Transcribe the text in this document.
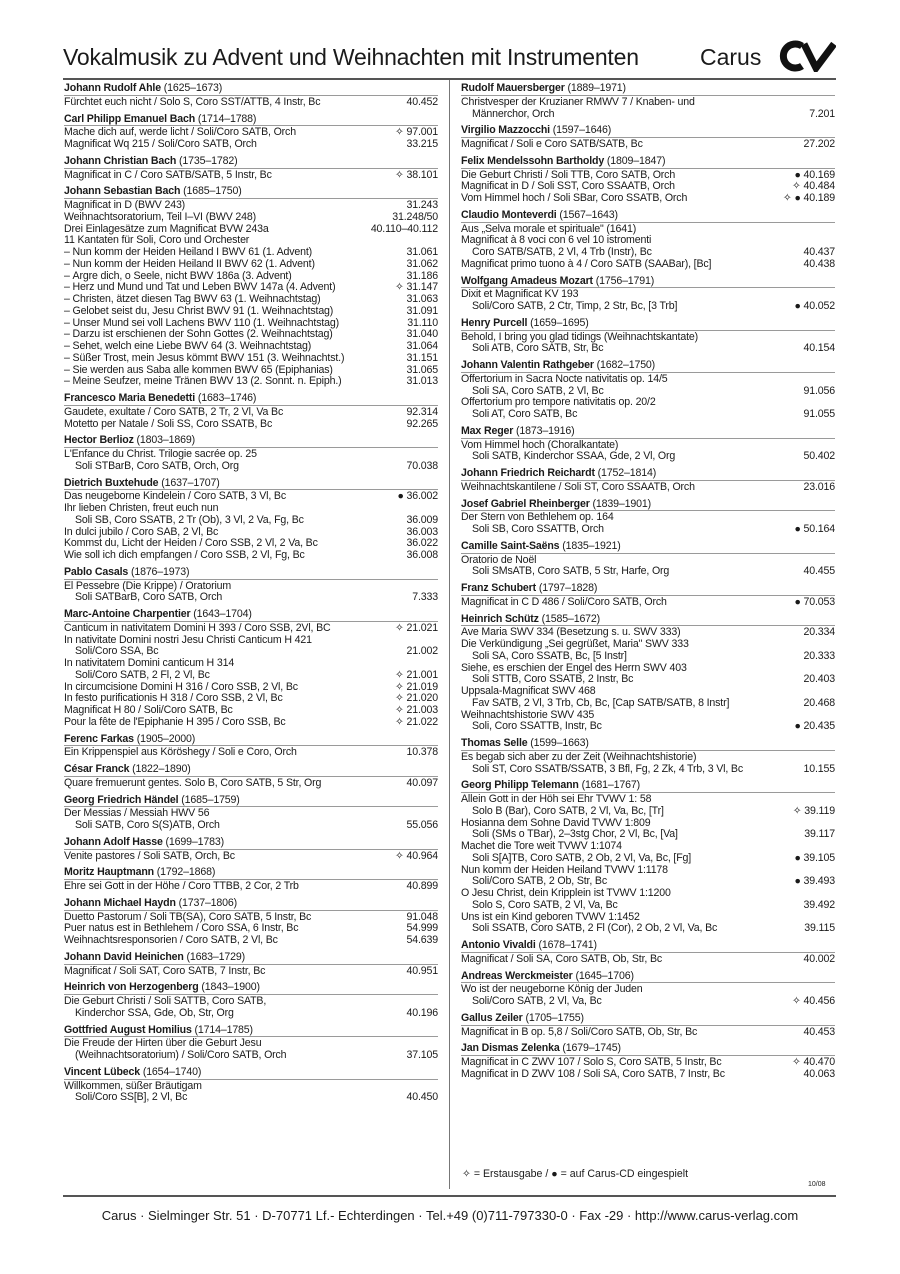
Vokalmusik zu Advent und Weihnachten mit Instrumenten	Carus
Johann Rudolf Ahle (1625–1673)
Fürchtet euch nicht / Solo S, Coro SST/ATTB, 4 Instr, Bc	40.452
Carl Philipp Emanuel Bach (1714–1788)
Mache dich auf, werde licht / Soli/Coro SATB, Orch	✧ 97.001
Magnificat Wq 215 / Soli/Coro SATB, Orch	33.215
Johann Christian Bach (1735–1782)
Magnificat in C / Coro SATB/SATB, 5 Instr, Bc	✧ 38.101
Johann Sebastian Bach (1685–1750)
Magnificat in D (BWV 243)	31.243
Weihnachtsoratorium, Teil I–VI (BWV 248)	31.248/50
Drei Einlagesätze zum Magnificat BVW 243a	40.110–40.112
11 Kantaten für Soli, Coro und Orchester
– Nun komm der Heiden Heiland I BWV 61 (1. Advent)	31.061
– Nun komm der Heiden Heiland II BWV 62 (1. Advent)	31.062
– Ärgre dich, o Seele, nicht BWV 186a (3. Advent)	31.186
– Herz und Mund und Tat und Leben BWV 147a (4. Advent)	✧ 31.147
– Christen, ätzet diesen Tag BWV 63 (1. Weihnachtstag)	31.063
– Gelobet seist du, Jesu Christ BWV 91 (1. Weihnachtstag)	31.091
– Unser Mund sei voll Lachens BWV 110 (1. Weihnachtstag)	31.110
– Darzu ist erschienen der Sohn Gottes (2. Weihnachtstag)	31.040
– Sehet, welch eine Liebe BWV 64 (3. Weihnachtstag)	31.064
– Süßer Trost, mein Jesus kömmt BWV 151 (3. Weihnachtst.)	31.151
– Sie werden aus Saba alle kommen BWV 65 (Epiphanias)	31.065
– Meine Seufzer, meine Tränen BWV 13 (2. Sonnt. n. Epiph.)	31.013
Francesco Maria Benedetti (1683–1746)
Gaudete, exultate / Coro SATB, 2 Tr, 2 Vl, Va Bc	92.314
Motetto per Natale / Soli SS, Coro SSATB, Bc	92.265
Hector Berlioz (1803–1869)
L'Enfance du Christ. Trilogie sacrée op. 25
Soli STBarB, Coro SATB, Orch, Org	70.038
Dietrich Buxtehude (1637–1707)
Das neugeborne Kindelein / Coro SATB, 3 Vl, Bc	● 36.002
Ihr lieben Christen, freut euch nun
Soli SB, Coro SSATB, 2 Tr (Ob), 3 Vl, 2 Va, Fg, Bc	36.009
In dulci jubilo / Coro SAB, 2 Vl, Bc	36.003
Kommst du, Licht der Heiden / Coro SSB, 2 Vl, 2 Va, Bc	36.022
Wie soll ich dich empfangen / Coro SSB, 2 Vl, Fg, Bc	36.008
Pablo Casals (1876–1973)
El Pessebre (Die Krippe) / Oratorium
Soli SATBarB, Coro SATB, Orch	7.333
Marc-Antoine Charpentier (1643–1704)
Canticum in nativitatem Domini H 393 / Coro SSB, 2Vl, BC	✧ 21.021
In nativitate Domini nostri Jesu Christi Canticum H 421
Soli/Coro SSA, Bc	21.002
In nativitatem Domini canticum H 314
Soli/Coro SATB, 2 Fl, 2 Vl, Bc	✧ 21.001
In circumcisione Domini H 316 / Coro SSB, 2 Vl, Bc	✧ 21.019
In festo purificationis H 318 / Coro SSB, 2 Vl, Bc	✧ 21.020
Magnificat H 80 / Soli/Coro SATB, Bc	✧ 21.003
Pour la fête de l'Épiphanie H 395 / Coro SSB, Bc	✧ 21.022
Ferenc Farkas (1905–2000)
Ein Krippenspiel aus Köröshegy / Soli e Coro, Orch	10.378
César Franck (1822–1890)
Quare fremuerunt gentes. Solo B, Coro SATB, 5 Str, Org	40.097
Georg Friedrich Händel (1685–1759)
Der Messias / Messiah HWV 56
Soli SATB, Coro S(S)ATB, Orch	55.056
Johann Adolf Hasse (1699–1783)
Venite pastores / Soli SATB, Orch, Bc	✧ 40.964
Moritz Hauptmann (1792–1868)
Ehre sei Gott in der Höhe / Coro TTBB, 2 Cor, 2 Trb	40.899
Johann Michael Haydn (1737–1806)
Duetto Pastorum / Soli TB(SA), Coro SATB, 5 Instr, Bc	91.048
Puer natus est in Bethlehem / Coro SSA, 6 Instr, Bc	54.999
Weihnachtsresponsorien / Coro SATB, 2 Vl, Bc	54.639
Johann David Heinichen (1683–1729)
Magnificat / Soli SAT, Coro SATB, 7 Instr, Bc	40.951
Heinrich von Herzogenberg (1843–1900)
Die Geburt Christi / Soli SATTB, Coro SATB,
Kinderchor SSA, Gde, Ob, Str, Org	40.196
Gottfried August Homilius (1714–1785)
Die Freude der Hirten über die Geburt Jesu
(Weihnachtsoratorium) / Soli/Coro SATB, Orch	37.105
Vincent Lübeck (1654–1740)
Willkommen, süßer Bräutigam
Soli/Coro SS[B], 2 Vl, Bc	40.450
Rudolf Mauersberger (1889–1971)
Christvesper der Kruzianer RMWV 7 / Knaben- und
Männerchor, Orch	7.201
Virgilio Mazzocchi (1597–1646)
Magnificat / Soli e Coro SATB/SATB, Bc	27.202
Felix Mendelssohn Bartholdy (1809–1847)
Die Geburt Christi / Soli TTB, Coro SATB, Orch	● 40.169
Magnificat in D / Soli SST, Coro SSAATB, Orch	✧ 40.484
Vom Himmel hoch / Soli SBar, Coro SSATB, Orch	✧ ● 40.189
Claudio Monteverdi (1567–1643)
Aus „Selva morale et spirituale" (1641)
Magnificat à 8 voci con 6 vel 10 istromenti
Coro SATB/SATB, 2 Vl, 4 Trb (Instr), Bc	40.437
Magnificat primo tuono à 4 / Coro SATB (SAABar), [Bc]	40.438
Wolfgang Amadeus Mozart (1756–1791)
Dixit et Magnificat KV 193
Soli/Coro SATB, 2 Ctr, Timp, 2 Str, Bc, [3 Trb]	● 40.052
Henry Purcell (1659–1695)
Behold, I bring you glad tidings (Weihnachtskantate)
Soli ATB, Coro SATB, Str, Bc	40.154
Johann Valentin Rathgeber (1682–1750)
Offertorium in Sacra Nocte nativitatis op. 14/5
Soli SA, Coro SATB, 2 Vl, Bc	91.056
Offertorium pro tempore nativitatis op. 20/2
Soli AT, Coro SATB, Bc	91.055
Max Reger (1873–1916)
Vom Himmel hoch (Choralkantate)
Soli SATB, Kinderchor SSAA, Gde, 2 Vl, Org	50.402
Johann Friedrich Reichardt (1752–1814)
Weihnachtskantilene / Soli ST, Coro SSAATB, Orch	23.016
Josef Gabriel Rheinberger (1839–1901)
Der Stern von Bethlehem op. 164
Soli SB, Coro SSATTB, Orch	● 50.164
Camille Saint-Saëns (1835–1921)
Oratorio de Noël
Soli SMsATB, Coro SATB, 5 Str, Harfe, Org	40.455
Franz Schubert (1797–1828)
Magnificat in C D 486 / Soli/Coro SATB, Orch	● 70.053
Heinrich Schütz (1585–1672)
Ave Maria SWV 334 (Besetzung s. u. SWV 333)	20.334
Die Verkündigung „Sei gegrüßet, Maria" SWV 333
Soli SA, Coro SSATB, Bc, [5 Instr]	20.333
Siehe, es erschien der Engel des Herrn SWV 403
Soli STTB, Coro SSATB, 2 Instr, Bc	20.403
Uppsala-Magnificat SWV 468
Fav SATB, 2 Vl, 3 Trb, Cb, Bc, [Cap SATB/SATB, 8 Instr]	20.468
Weihnachtshistorie SWV 435
Soli, Coro SSATTB, Instr, Bc	● 20.435
Thomas Selle (1599–1663)
Es begab sich aber zu der Zeit (Weihnachtshistorie)
Soli ST, Coro SSATB/SSATB, 3 Bfl, Fg, 2 Zk, 4 Trb, 3 Vl, Bc	10.155
Georg Philipp Telemann (1681–1767)
Allein Gott in der Höh sei Ehr TVWV 1: 58
Solo B (Bar), Coro SATB, 2 Vl, Va, Bc, [Tr]	✧ 39.119
Hosianna dem Sohne David TVWV 1:809
Soli (SMs o TBar), 2–3stg Chor, 2 Vl, Bc, [Va]	39.117
Machet die Tore weit TVWV 1:1074
Soli S[A]TB, Coro SATB, 2 Ob, 2 Vl, Va, Bc, [Fg]	● 39.105
Nun komm der Heiden Heiland TVWV 1:1178
Soli/Coro SATB, 2 Ob, Str, Bc	● 39.493
O Jesu Christ, dein Kripplein ist TVWV 1:1200
Solo S, Coro SATB, 2 Vl, Va, Bc	39.492
Uns ist ein Kind geboren TVWV 1:1452
Soli SSATB, Coro SATB, 2 Fl (Cor), 2 Ob, 2 Vl, Va, Bc	39.115
Antonio Vivaldi (1678–1741)
Magnificat / Soli SA, Coro SATB, Ob, Str, Bc	40.002
Andreas Werckmeister (1645–1706)
Wo ist der neugeborne König der Juden
Soli/Coro SATB, 2 Vl, Va, Bc	✧ 40.456
Gallus Zeiler (1705–1755)
Magnificat in B op. 5,8 / Soli/Coro SATB, Ob, Str, Bc	40.453
Jan Dismas Zelenka (1679–1745)
Magnificat in C ZWV 107 / Solo S, Coro SATB, 5 Instr, Bc	✧ 40.470
Magnificat in D ZWV 108 / Soli SA, Coro SATB, 7 Instr, Bc	40.063
✧ = Erstausgabe / ● = auf Carus-CD eingespielt
10/08
Carus · Sielminger Str. 51 · D-70771 Lf.- Echterdingen · Tel.+49 (0)711-797330-0 · Fax -29 · http://www.carus-verlag.com
